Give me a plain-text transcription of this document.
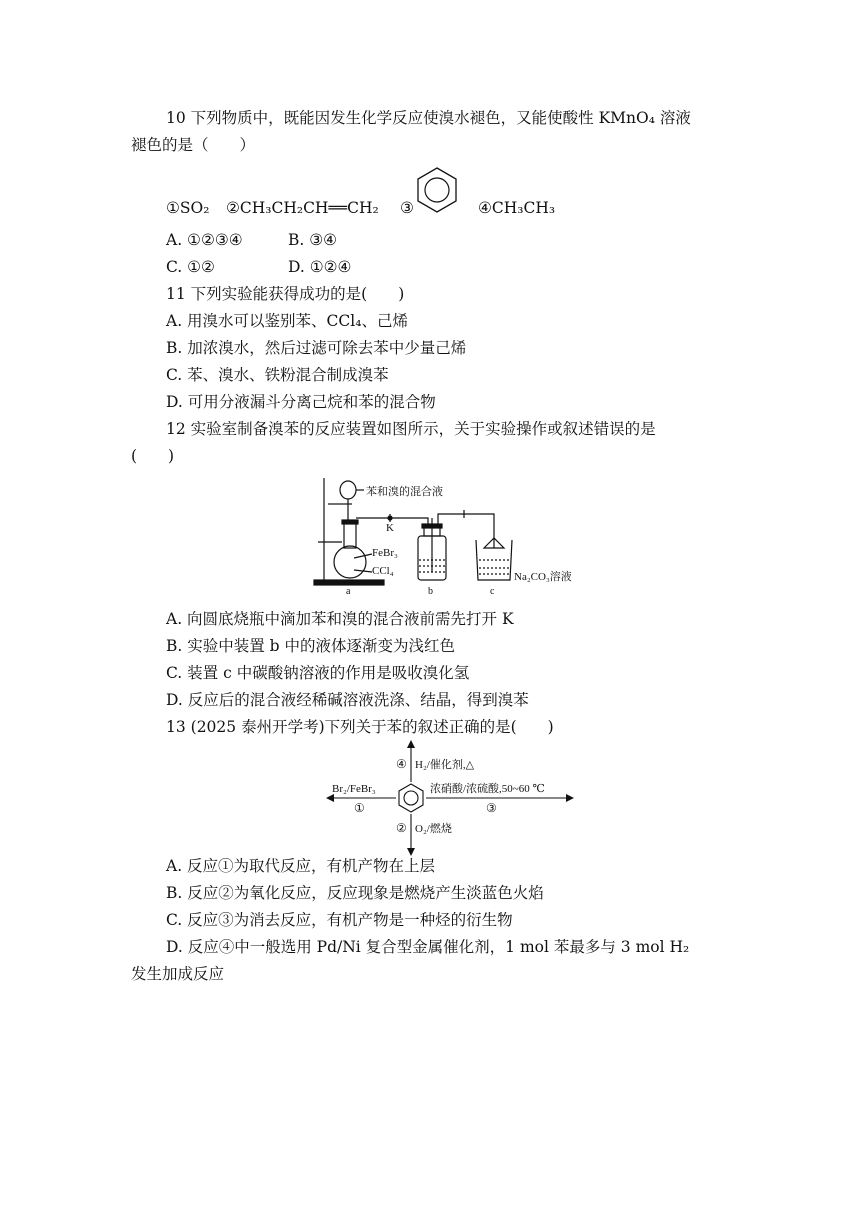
10 下列物质中，既能因发生化学反应使溴水褪色，又能使酸性 KMnO₄ 溶液
褪色的是（　　）
①SO₂ ②CH₃CH₂CH══CH₂ ③	④CH₃CH₃
A. ①②③④	B. ③④
C. ①②	D. ①②④
11 下列实验能获得成功的是(　　)
A. 用溴水可以鉴别苯、CCl₄、己烯
B. 加浓溴水，然后过滤可除去苯中少量己烯
C. 苯、溴水、铁粉混合制成溴苯
D. 可用分液漏斗分离己烷和苯的混合物
12 实验室制备溴苯的反应装置如图所示，关于实验操作或叙述错误的是
(　　)
苯和溴的混合液
K
FeBr₃
CCl₄	Na₂CO₃溶液
a	b	c
A. 向圆底烧瓶中滴加苯和溴的混合液前需先打开 K
B. 实验中装置 b 中的液体逐渐变为浅红色
C. 装置 c 中碳酸钠溶液的作用是吸收溴化氢
D. 反应后的混合液经稀碱溶液洗涤、结晶，得到溴苯
13 (2025 泰州开学考)下列关于苯的叙述正确的是(　　)
④ H₂/催化剂,△
Br₂/FeBr₃
①
浓硝酸/浓硫酸,50~60 ℃
③
② O₂/燃烧
A. 反应①为取代反应，有机产物在上层
B. 反应②为氧化反应，反应现象是燃烧产生淡蓝色火焰
C. 反应③为消去反应，有机产物是一种烃的衍生物
D. 反应④中一般选用 Pd/Ni 复合型金属催化剂，1 mol 苯最多与 3 mol H₂
发生加成反应
